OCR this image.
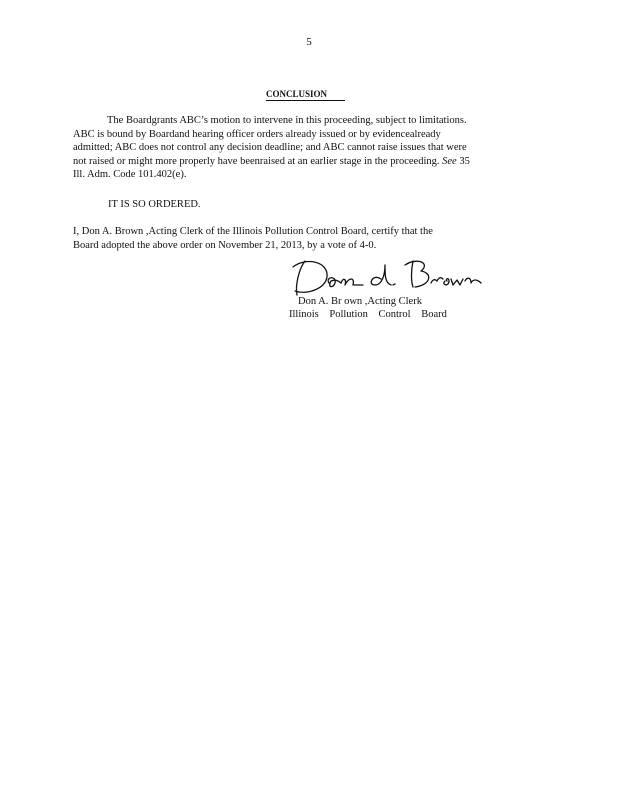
5
CONCLUSION
The Boardgrants ABC’s motion to intervene in this proceeding, subject to limitations.
ABC is bound by Boardand hearing officer orders already issued or by evidencealready
admitted; ABC does not control any decision deadline; and ABC cannot raise issues that were
not raised or might more properly have beenraised at an earlier stage in the proceeding. See 35
Ill. Adm. Code 101.402(e).
IT IS SO ORDERED.
I, Don A. Brown ,Acting Clerk of the Illinois Pollution Control Board, certify that the
Board adopted the above order on November 21, 2013, by a vote of 4-0.
Don A. Br own ,Acting Clerk
Illinois Pollution Control Board
